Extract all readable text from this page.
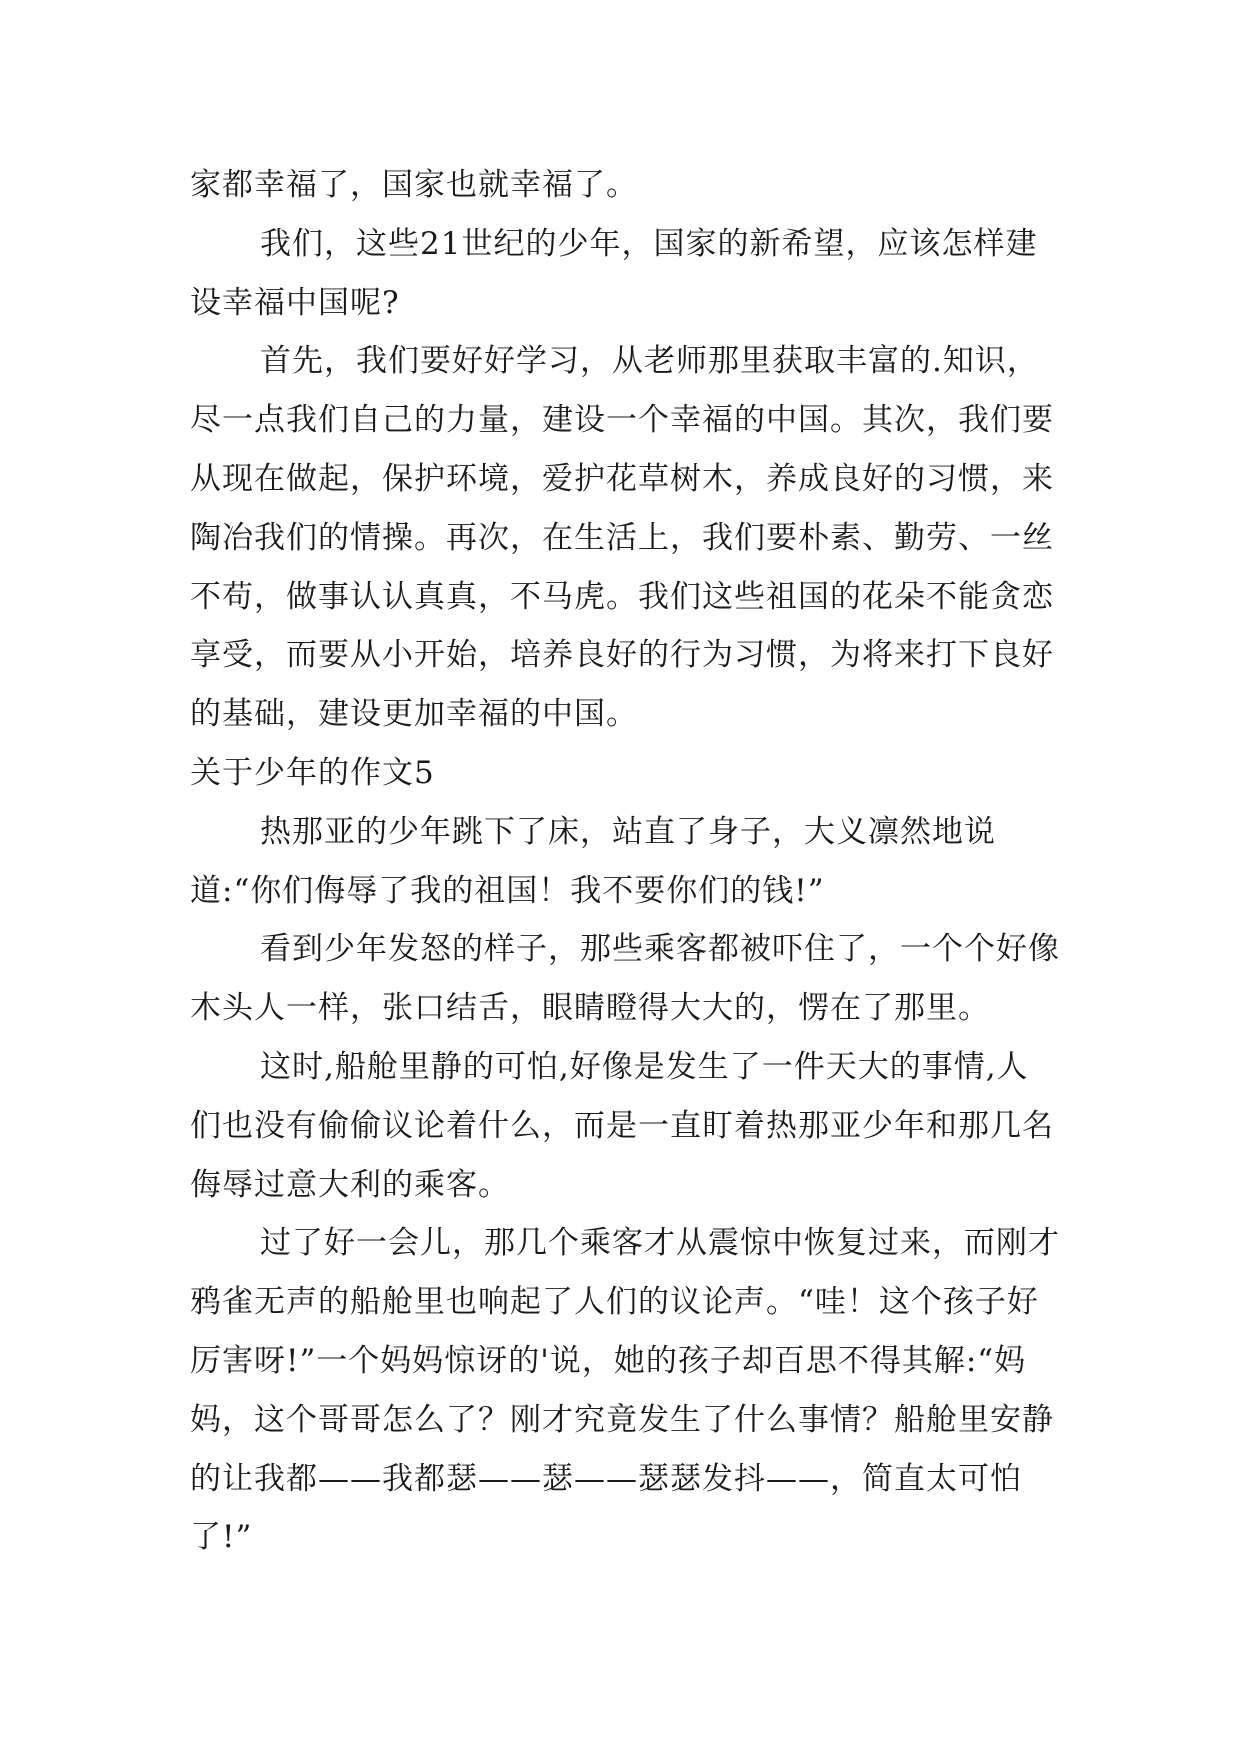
家都幸福了，国家也就幸福了。

我们，这些21世纪的少年，国家的新希望，应该怎样建设幸福中国呢?

首先，我们要好好学习，从老师那里获取丰富的.知识，尽一点我们自己的力量，建设一个幸福的中国。其次，我们要从现在做起，保护环境，爱护花草树木，养成良好的习惯，来陶冶我们的情操。再次，在生活上，我们要朴素、勤劳、一丝不苟，做事认认真真，不马虎。我们这些祖国的花朵不能贪恋享受，而要从小开始，培养良好的行为习惯，为将来打下良好的基础，建设更加幸福的中国。

关于少年的作文5

热那亚的少年跳下了床，站直了身子，大义凛然地说道:“你们侮辱了我的祖国！我不要你们的钱!”

看到少年发怒的样子，那些乘客都被吓住了，一个个好像木头人一样，张口结舌，眼睛瞪得大大的，愣在了那里。

这时,船舱里静的可怕,好像是发生了一件天大的事情,人们也没有偷偷议论着什么，而是一直盯着热那亚少年和那几名侮辱过意大利的乘客。

过了好一会儿，那几个乘客才从震惊中恢复过来，而刚才鸦雀无声的船舱里也响起了人们的议论声。“哇！这个孩子好厉害呀!”一个妈妈惊讶的'说，她的孩子却百思不得其解:“妈妈，这个哥哥怎么了？刚才究竟发生了什么事情？船舱里安静的让我都——我都瑟——瑟——瑟瑟发抖——，简直太可怕了!”
